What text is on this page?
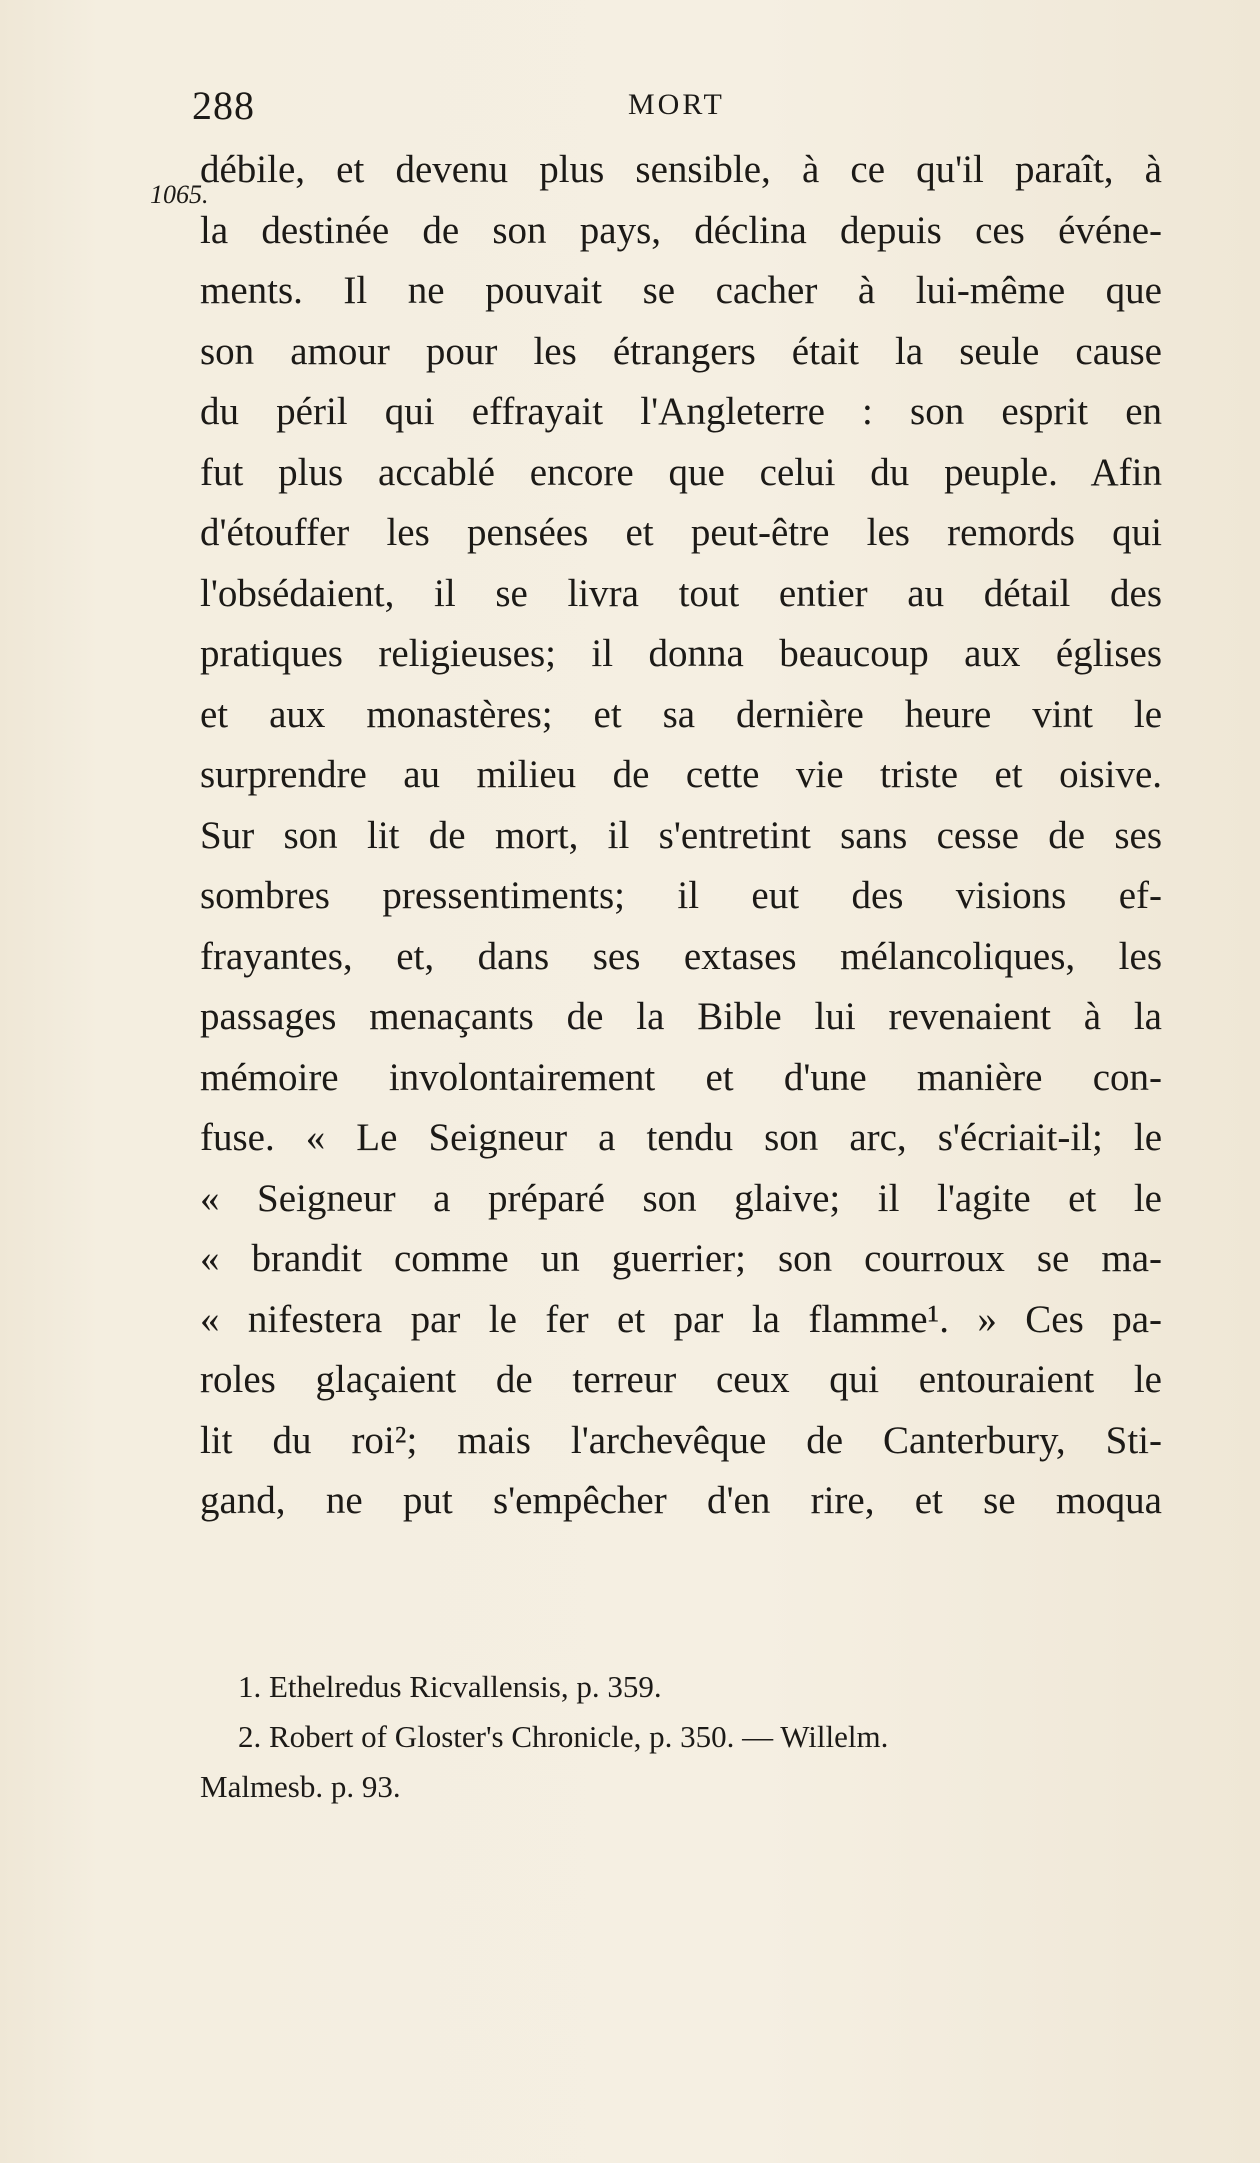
288	MORT
1065.
débile, et devenu plus sensible, à ce qu'il paraît, à
la destinée de son pays, déclina depuis ces événe-
ments. Il ne pouvait se cacher à lui-même que
son amour pour les étrangers était la seule cause
du péril qui effrayait l'Angleterre : son esprit en
fut plus accablé encore que celui du peuple. Afin
d'étouffer les pensées et peut-être les remords qui
l'obsédaient, il se livra tout entier au détail des
pratiques religieuses; il donna beaucoup aux églises
et aux monastères; et sa dernière heure vint le
surprendre au milieu de cette vie triste et oisive.
Sur son lit de mort, il s'entretint sans cesse de ses
sombres pressentiments; il eut des visions ef-
frayantes, et, dans ses extases mélancoliques, les
passages menaçants de la Bible lui revenaient à la
mémoire involontairement et d'une manière con-
fuse. « Le Seigneur a tendu son arc, s'écriait-il; le
« Seigneur a préparé son glaive; il l'agite et le
« brandit comme un guerrier; son courroux se ma-
« nifestera par le fer et par la flamme¹. » Ces pa-
roles glaçaient de terreur ceux qui entouraient le
lit du roi²; mais l'archevêque de Canterbury, Sti-
gand, ne put s'empêcher d'en rire, et se moqua
1. Ethelredus Ricvallensis, p. 359.
2. Robert of Gloster's Chronicle, p. 350. — Willelm.
Malmesb. p. 93.
